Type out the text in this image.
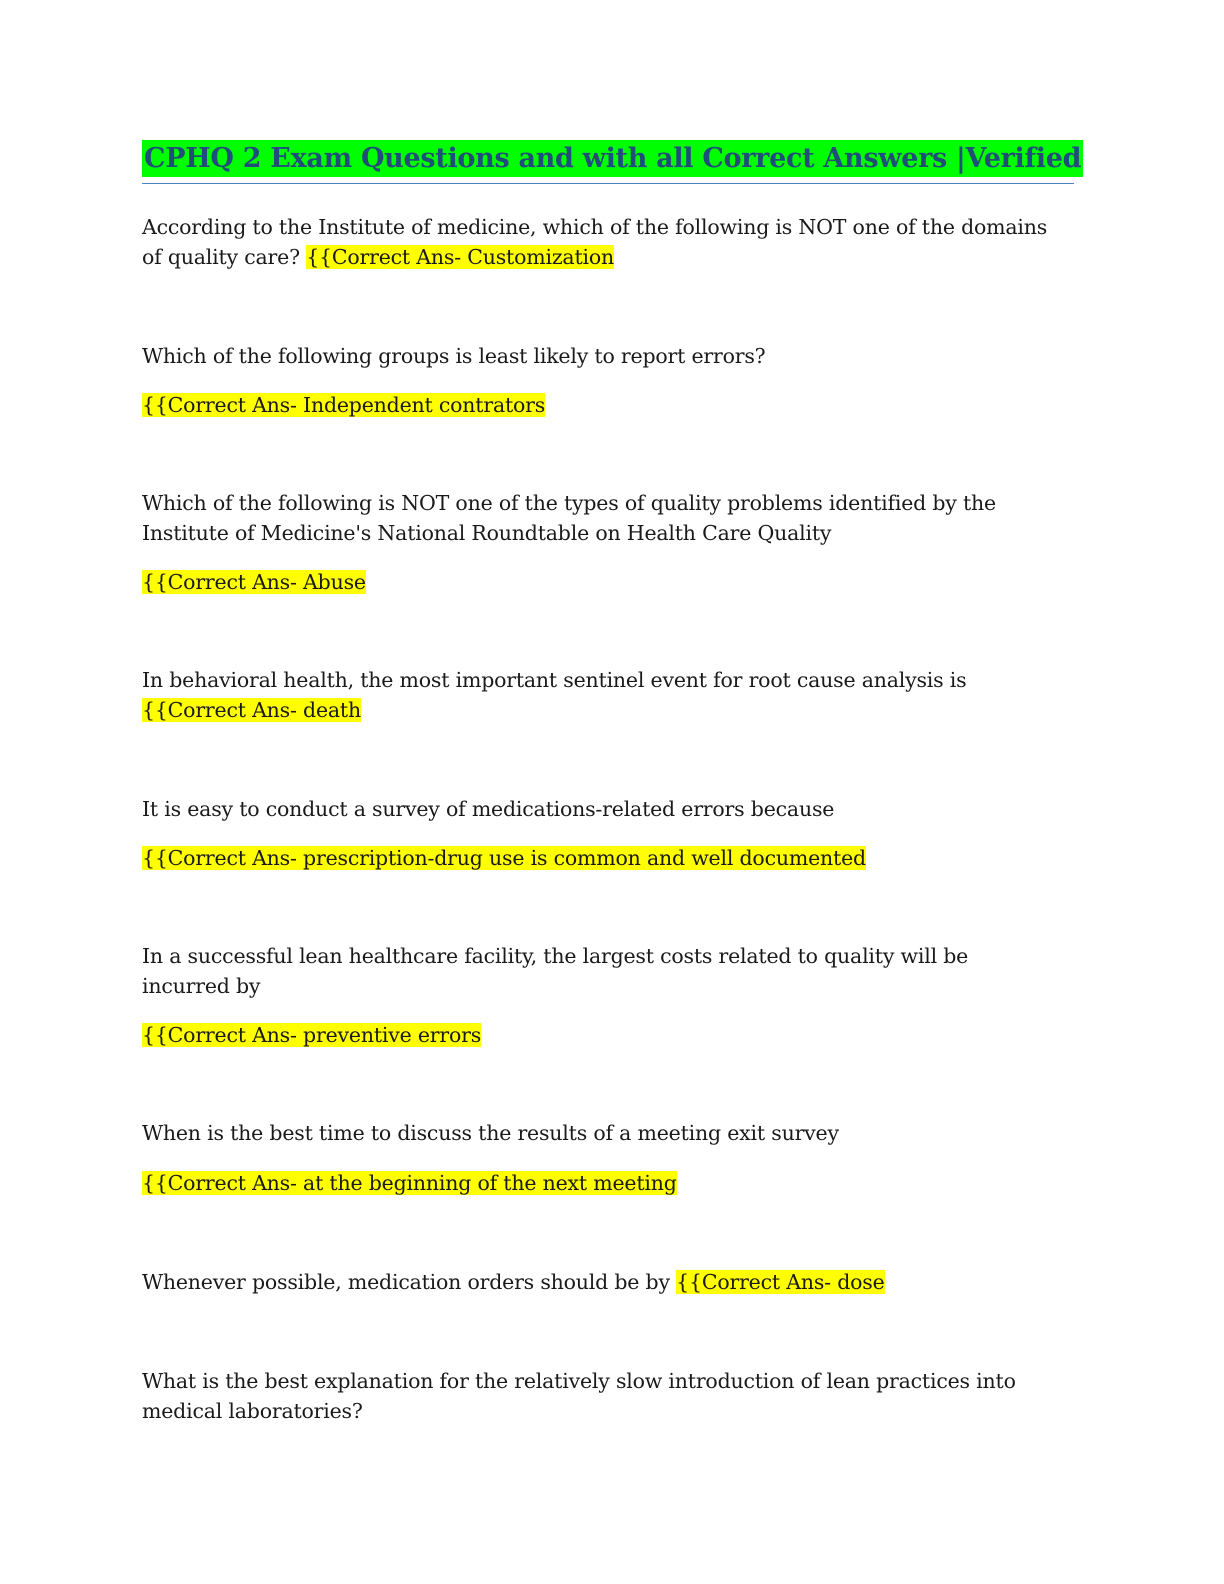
CPHQ 2 Exam Questions and with all Correct Answers |Verified
According to the Institute of medicine, which of the following is NOT one of the domains of quality care? {{Correct Ans- Customization
Which of the following groups is least likely to report errors?
{{Correct Ans- Independent contrators
Which of the following is NOT one of the types of quality problems identified by the Institute of Medicine's National Roundtable on Health Care Quality
{{Correct Ans- Abuse
In behavioral health, the most important sentinel event for root cause analysis is
{{Correct Ans- death
It is easy to conduct a survey of medications-related errors because
{{Correct Ans- prescription-drug use is common and well documented
In a successful lean healthcare facility, the largest costs related to quality will be incurred by
{{Correct Ans- preventive errors
When is the best time to discuss the results of a meeting exit survey
{{Correct Ans- at the beginning of the next meeting
Whenever possible, medication orders should be by {{Correct Ans- dose
What is the best explanation for the relatively slow introduction of lean practices into medical laboratories?
